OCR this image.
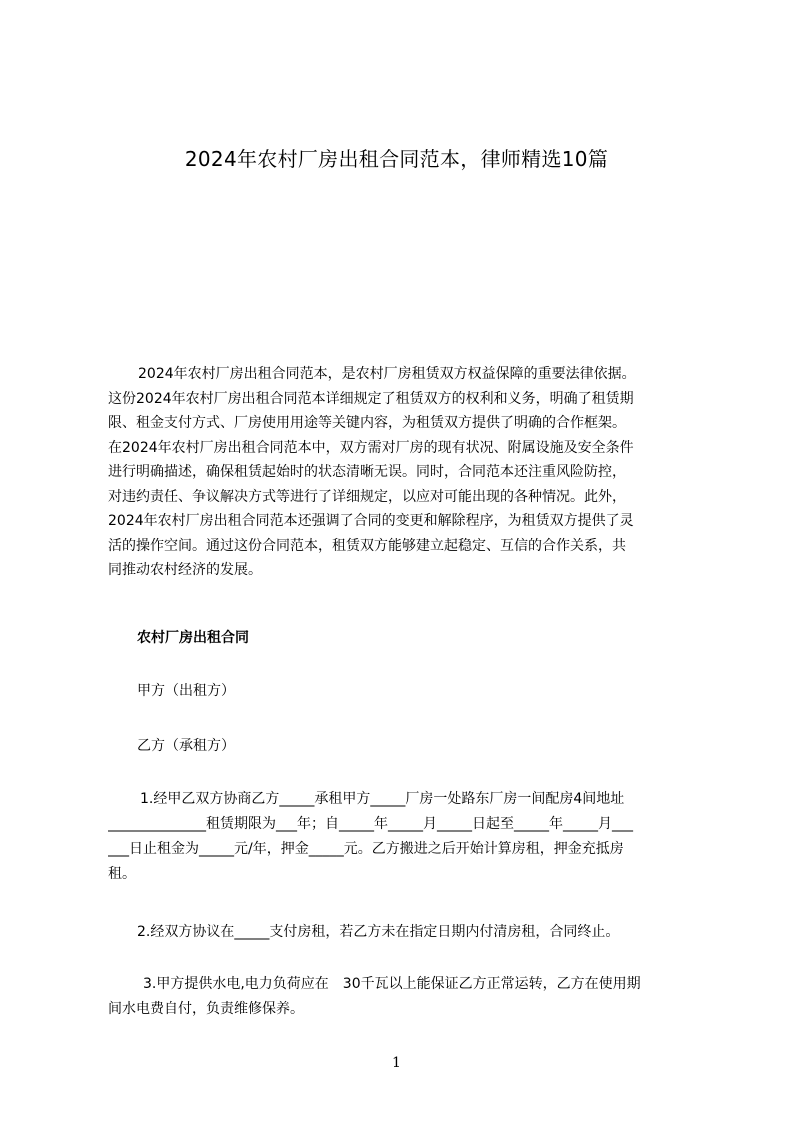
2024年农村厂房出租合同范本，律师精选10篇
2024年农村厂房出租合同范本，是农村厂房租赁双方权益保障的重要法律依据。
这份2024年农村厂房出租合同范本详细规定了租赁双方的权利和义务，明确了租赁期
限、租金支付方式、厂房使用用途等关键内容，为租赁双方提供了明确的合作框架。
在2024年农村厂房出租合同范本中，双方需对厂房的现有状况、附属设施及安全条件
进行明确描述，确保租赁起始时的状态清晰无误。同时，合同范本还注重风险防控，
对违约责任、争议解决方式等进行了详细规定，以应对可能出现的各种情况。此外，
2024年农村厂房出租合同范本还强调了合同的变更和解除程序，为租赁双方提供了灵
活的操作空间。通过这份合同范本，租赁双方能够建立起稳定、互信的合作关系，共
同推动农村经济的发展。
农村厂房出租合同
甲方（出租方）
乙方（承租方）
1.经甲乙双方协商乙方_____承租甲方_____厂房一处路东厂房一间配房4间地址
______________租赁期限为___年；自_____年_____月_____日起至_____年_____月___
___日止租金为_____元/年，押金_____元。乙方搬进之后开始计算房租，押金充抵房
租。
2.经双方协议在_____支付房租，若乙方未在指定日期内付清房租，合同终止。
3.甲方提供水电,电力负荷应在　30千瓦以上能保证乙方正常运转，乙方在使用期
间水电费自付，负责维修保养。
1
